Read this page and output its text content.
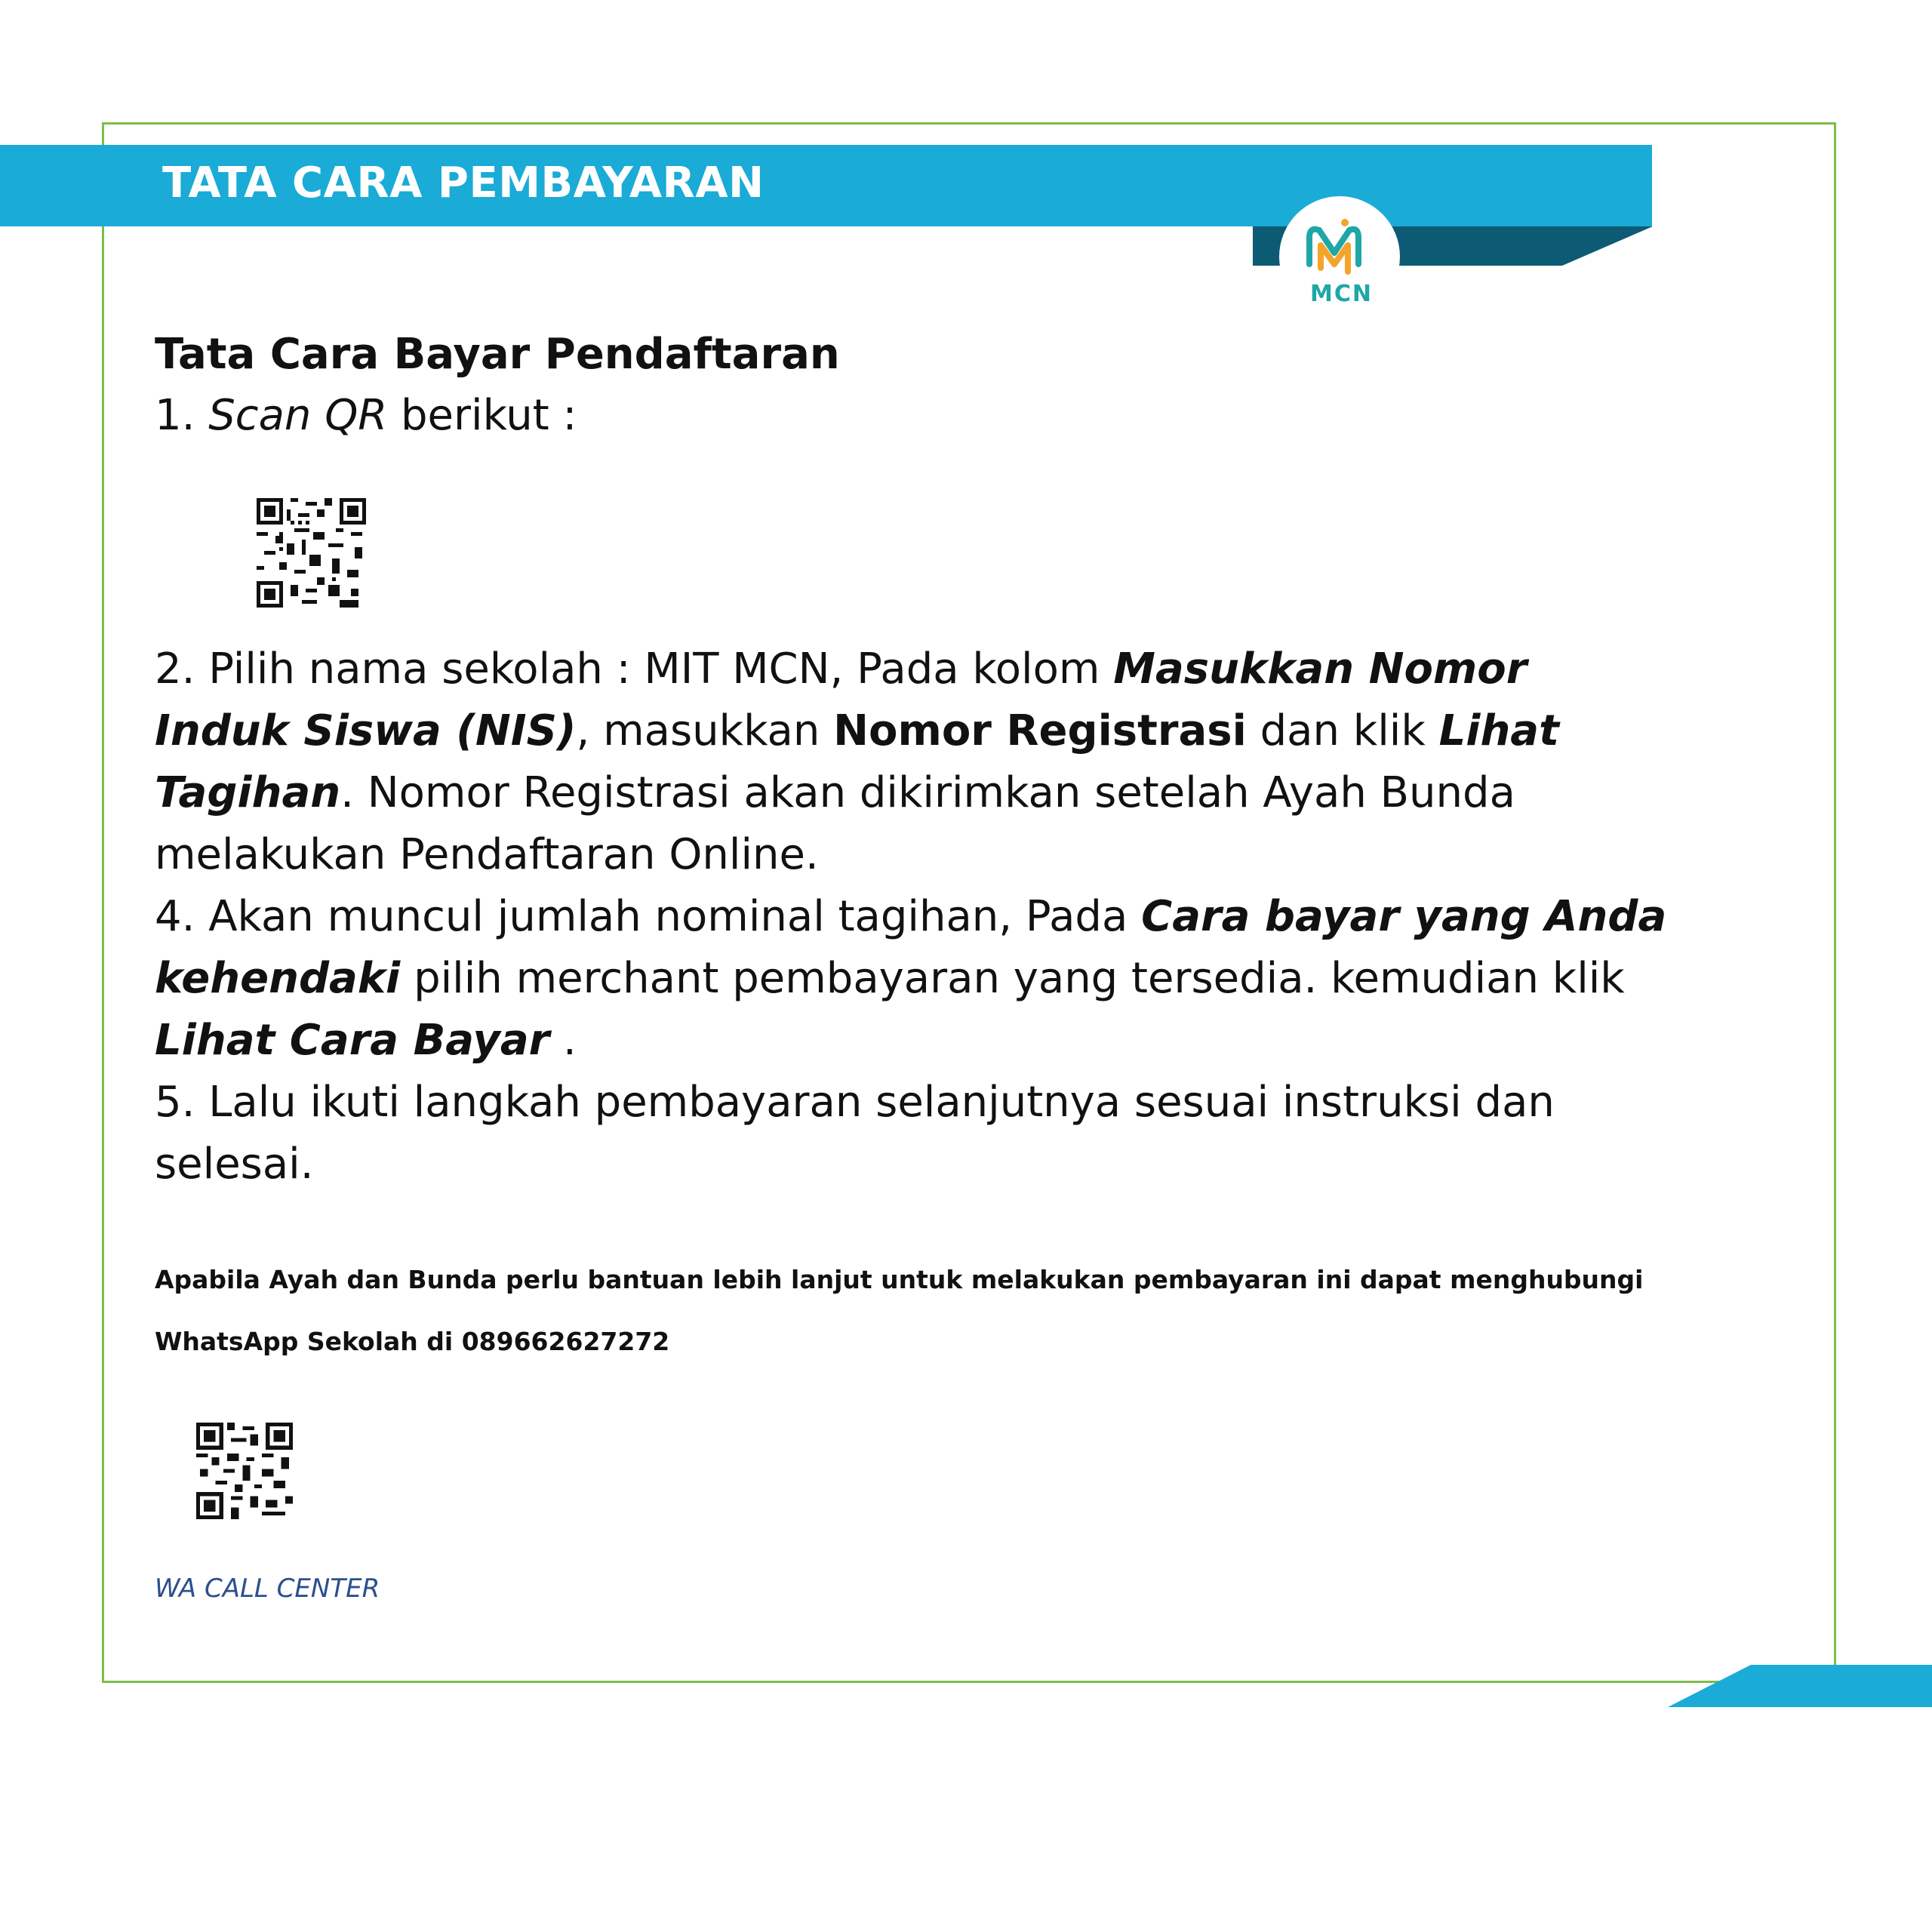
TATA CARA PEMBAYARAN
MCN

Tata Cara Bayar Pendaftaran

1. Scan QR berikut :

2. Pilih nama sekolah : MIT MCN, Pada kolom Masukkan Nomor Induk Siswa (NIS), masukkan Nomor Registrasi dan klik Lihat Tagihan. Nomor Registrasi akan dikirimkan setelah Ayah Bunda melakukan Pendaftaran Online.

4. Akan muncul jumlah nominal tagihan, Pada Cara bayar yang Anda kehendaki pilih merchant pembayaran yang tersedia. kemudian klik Lihat Cara Bayar .

5. Lalu ikuti langkah pembayaran selanjutnya sesuai instruksi dan selesai.

Apabila Ayah dan Bunda perlu bantuan lebih lanjut untuk melakukan pembayaran ini dapat menghubungi WhatsApp Sekolah di 089662627272
WA CALL CENTER
